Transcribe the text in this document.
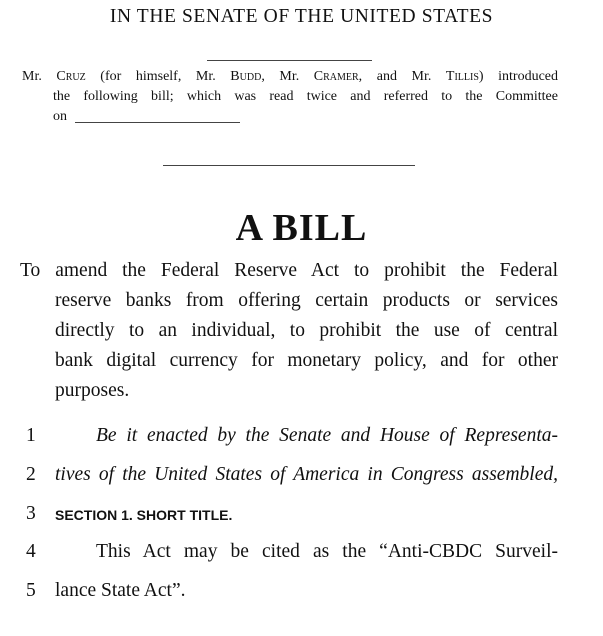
IN THE SENATE OF THE UNITED STATES
Mr. Cruz (for himself, Mr. Budd, Mr. Cramer, and Mr. Tillis) introduced
the following bill; which was read twice and referred to the Committee
on
A BILL
To amend the Federal Reserve Act to prohibit the Federal
reserve banks from offering certain products or services
directly to an individual, to prohibit the use of central
bank digital currency for monetary policy, and for other
purposes.
1	Be it enacted by the Senate and House of Representa-
2 tives of the United States of America in Congress assembled,
3 SECTION 1. SHORT TITLE.
4	This Act may be cited as the “Anti-CBDC Surveil-
5 lance State Act”.
